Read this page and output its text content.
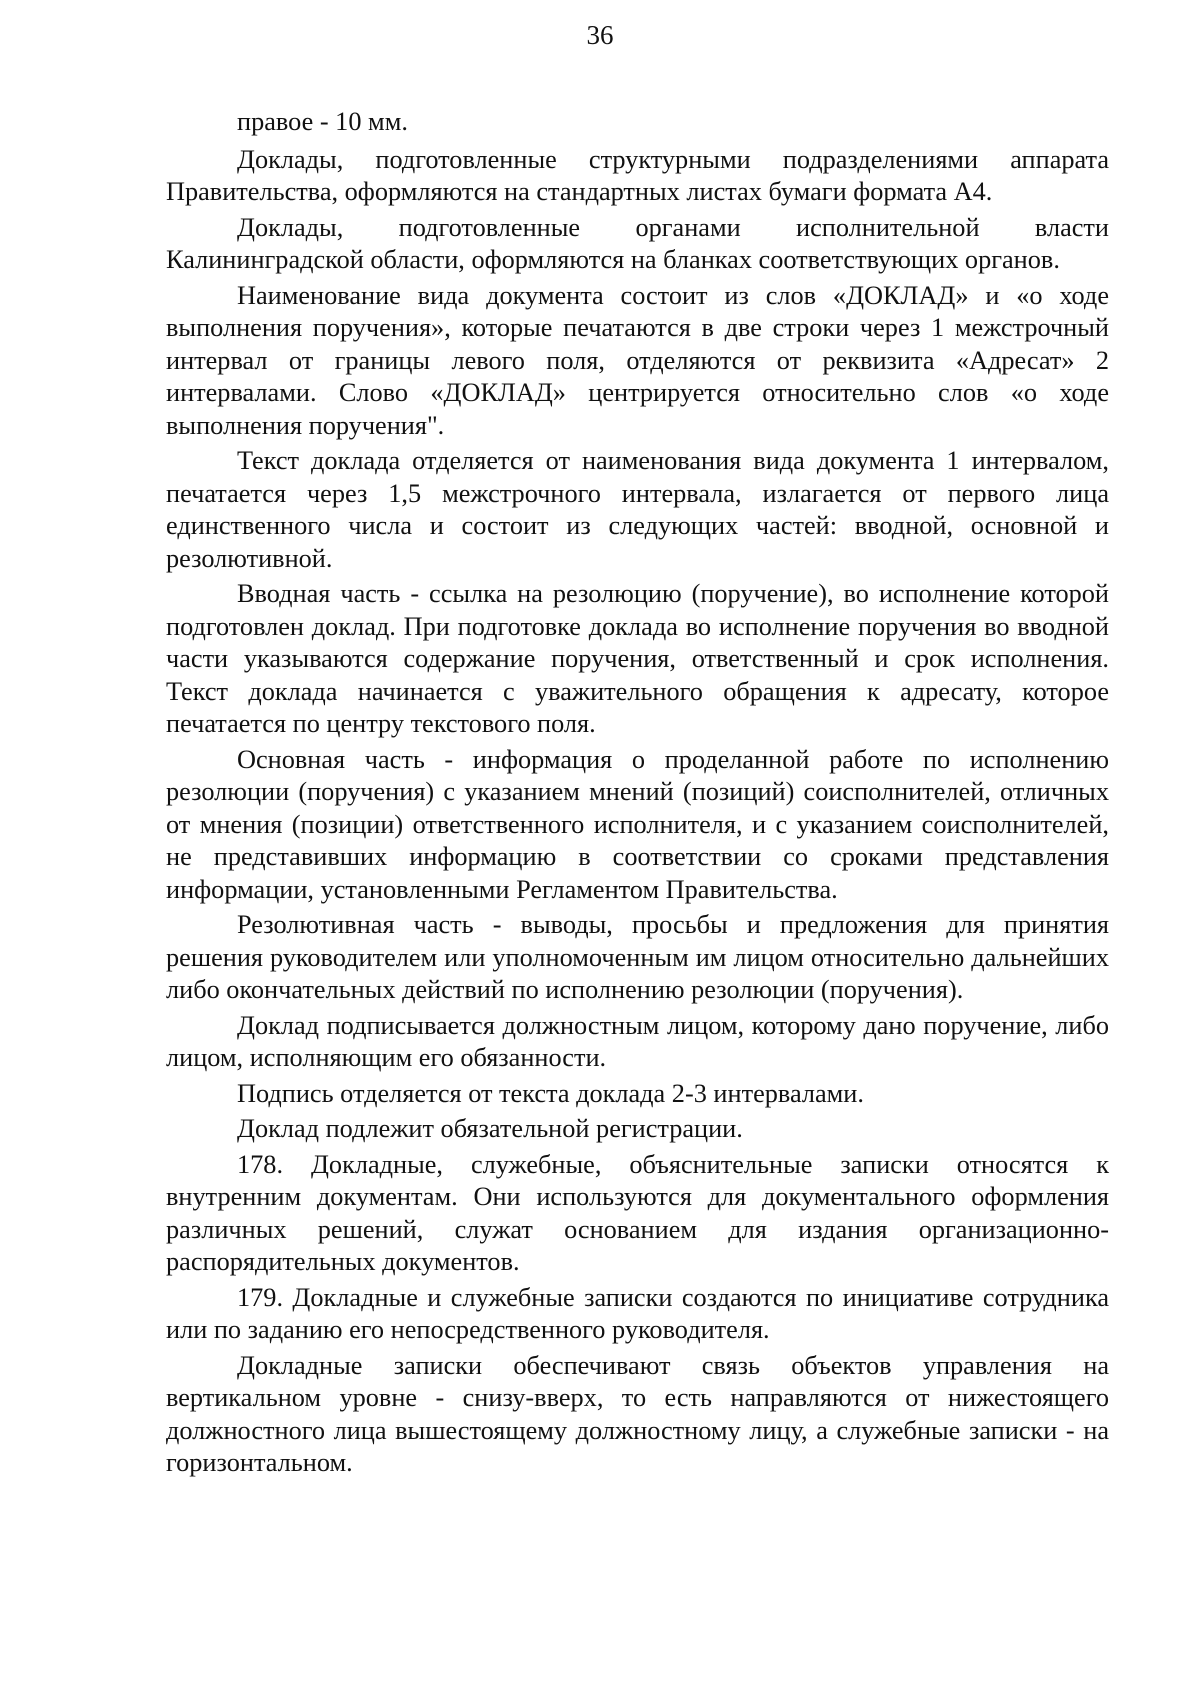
36

правое - 10 мм.

Доклады, подготовленные структурными подразделениями аппарата Правительства, оформляются на стандартных листах бумаги формата А4.

Доклады, подготовленные органами исполнительной власти Калининградской области, оформляются на бланках соответствующих органов.

Наименование вида документа состоит из слов «ДОКЛАД» и «о ходе выполнения поручения», которые печатаются в две строки через 1 межстрочный интервал от границы левого поля, отделяются от реквизита «Адресат» 2 интервалами. Слово «ДОКЛАД» центрируется относительно слов «о ходе выполнения поручения".

Текст доклада отделяется от наименования вида документа 1 интервалом, печатается через 1,5 межстрочного интервала, излагается от первого лица единственного числа и состоит из следующих частей: вводной, основной и резолютивной.

Вводная часть - ссылка на резолюцию (поручение), во исполнение которой подготовлен доклад. При подготовке доклада во исполнение поручения во вводной части указываются содержание поручения, ответственный и срок исполнения. Текст доклада начинается с уважительного обращения к адресату, которое печатается по центру текстового поля.

Основная часть - информация о проделанной работе по исполнению резолюции (поручения) с указанием мнений (позиций) соисполнителей, отличных от мнения (позиции) ответственного исполнителя, и с указанием соисполнителей, не представивших информацию в соответствии со сроками представления информации, установленными Регламентом Правительства.

Резолютивная часть - выводы, просьбы и предложения для принятия решения руководителем или уполномоченным им лицом относительно дальнейших либо окончательных действий по исполнению резолюции (поручения).

Доклад подписывается должностным лицом, которому дано поручение, либо лицом, исполняющим его обязанности.

Подпись отделяется от текста доклада 2-3 интервалами.

Доклад подлежит обязательной регистрации.

178. Докладные, служебные, объяснительные записки относятся к внутренним документам. Они используются для документального оформления различных решений, служат основанием для издания организационно-распорядительных документов.

179. Докладные и служебные записки создаются по инициативе сотрудника или по заданию его непосредственного руководителя.

Докладные записки обеспечивают связь объектов управления на вертикальном уровне - снизу-вверх, то есть направляются от нижестоящего должностного лица вышестоящему должностному лицу, а служебные записки - на горизонтальном.
